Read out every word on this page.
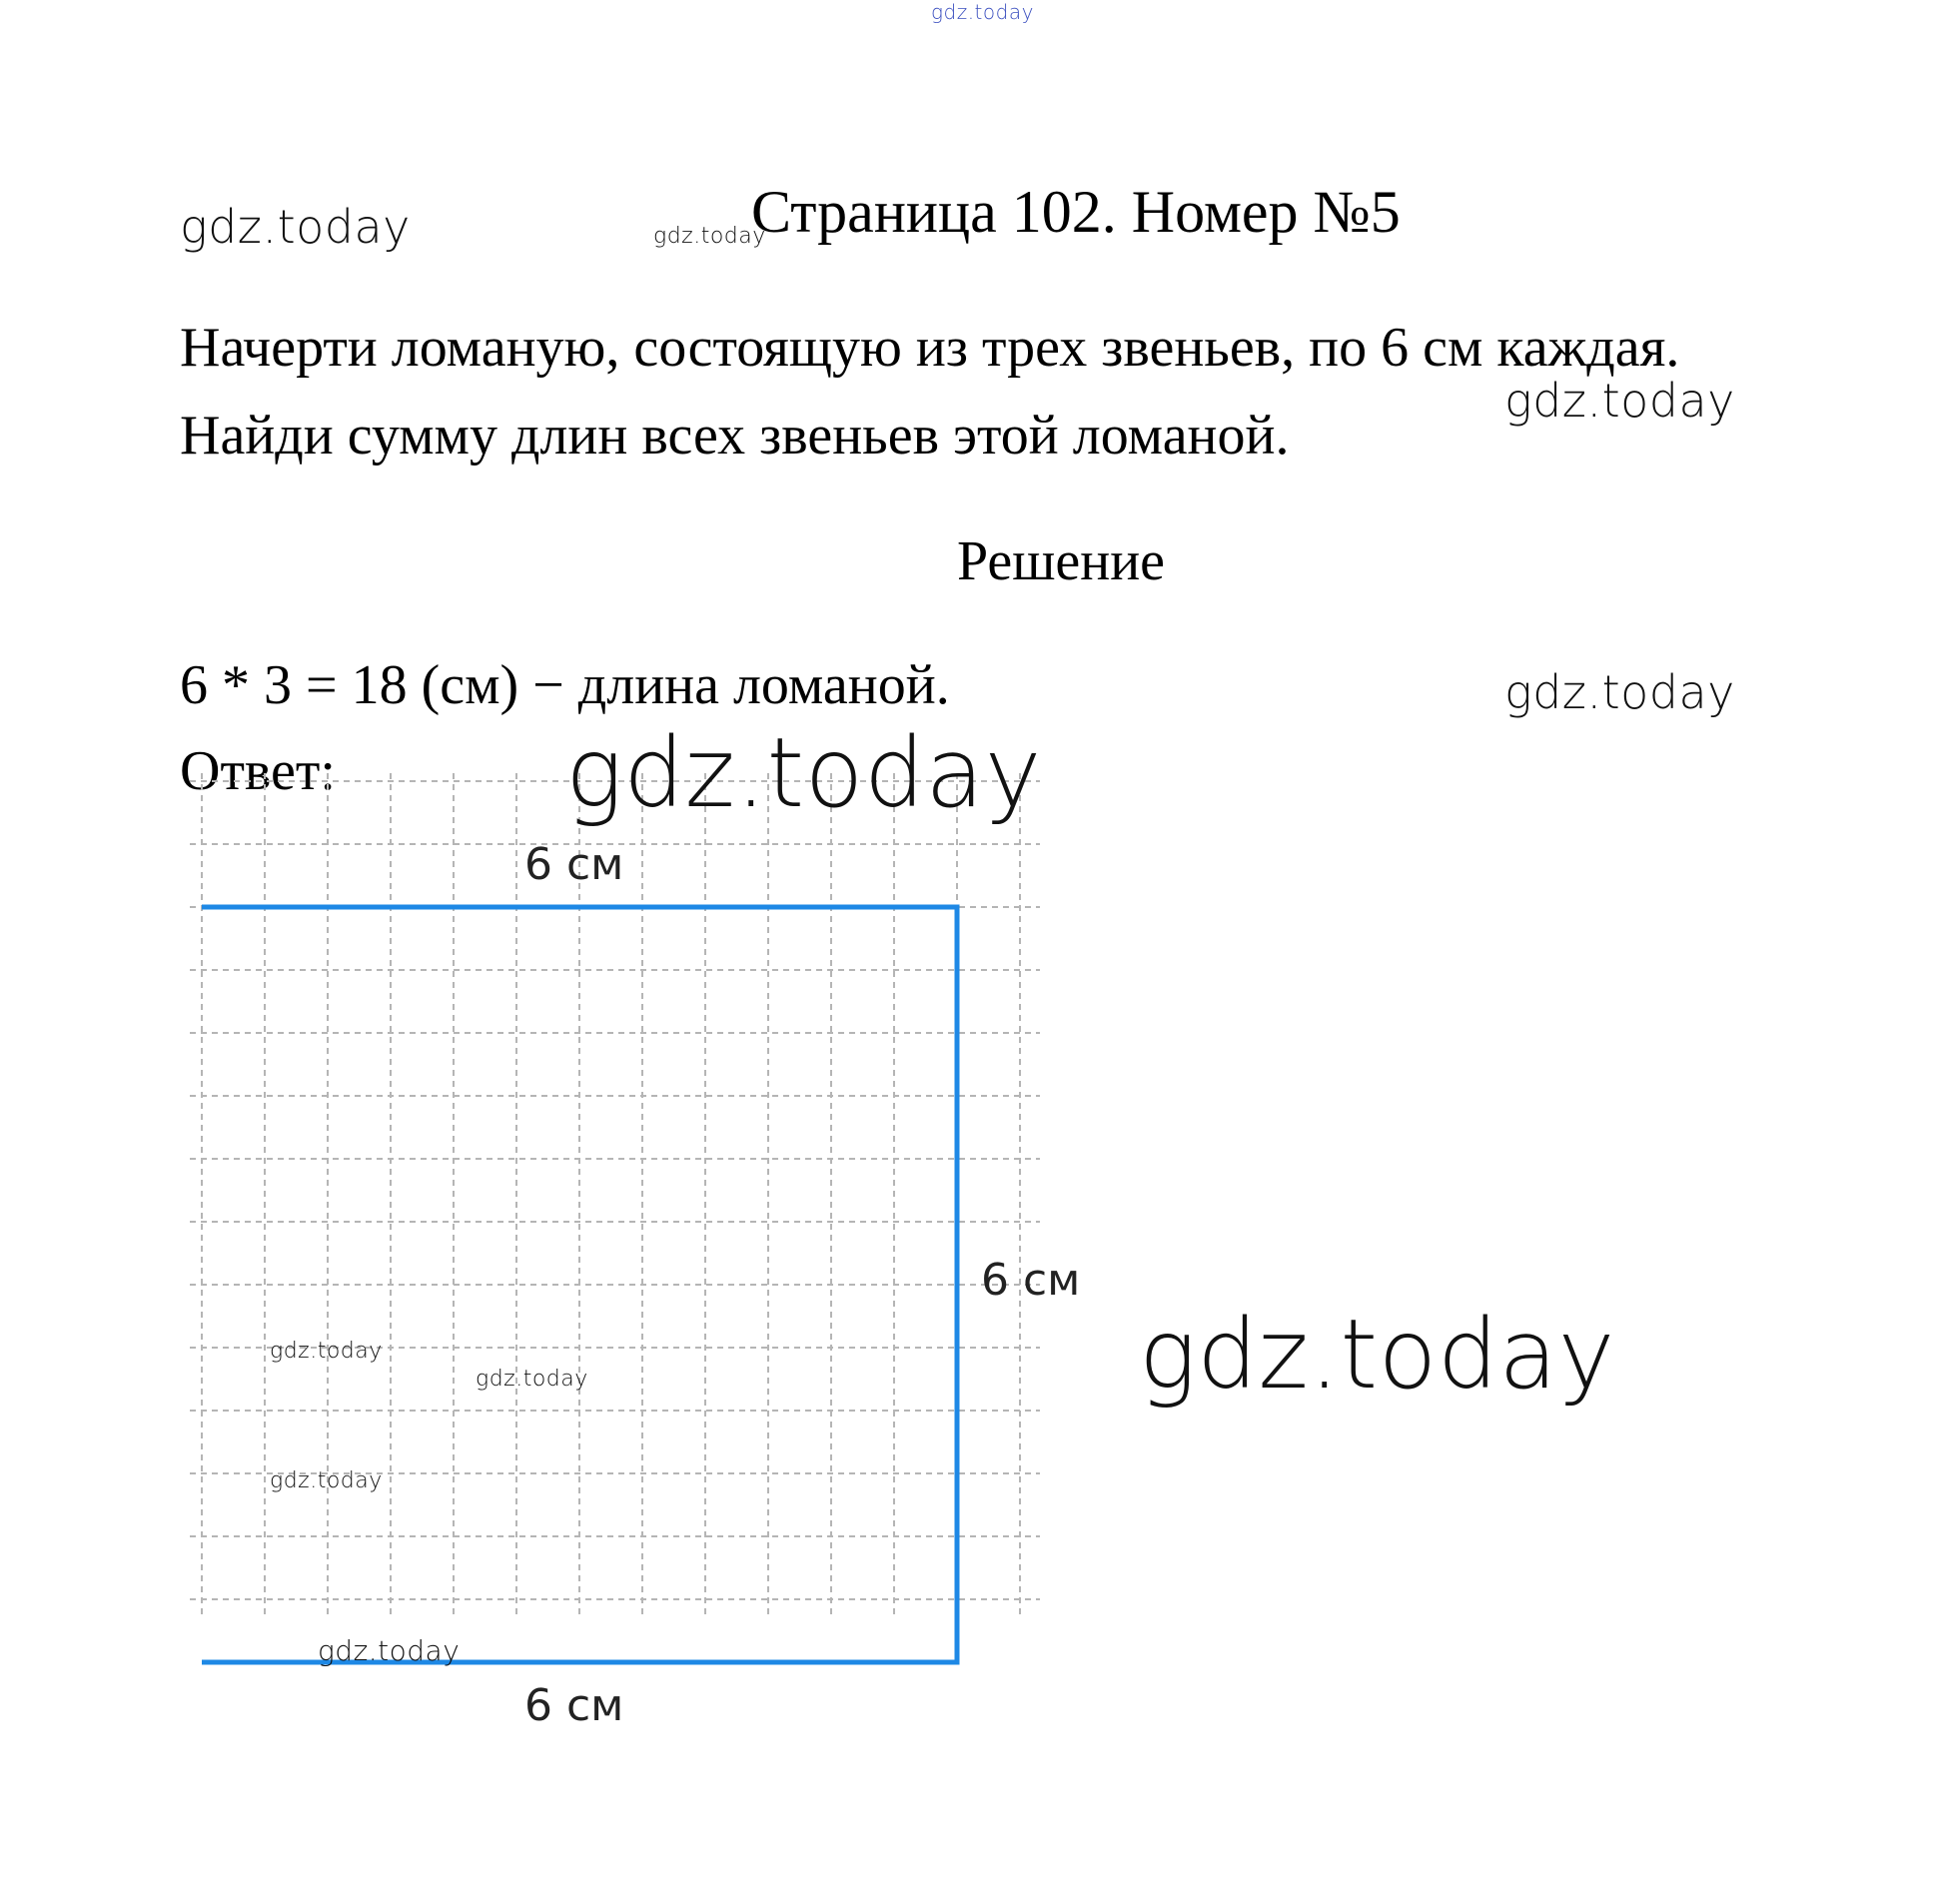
gdz.today
gdz.today	gdz.today
gdz.today
gdz.today
Страница 102. Номер №5
Начерти ломаную, состоящую из трех звеньев, по 6 см каждая.
Найди сумму длин всех звеньев этой ломаной.
Решение
6 * 3 = 18 (см) − длина ломаной.
Ответ:
6 см
6 см
6 см
gdz.today
gdz.today
gdz.today
gdz.today
gdz.today
gdz.today
